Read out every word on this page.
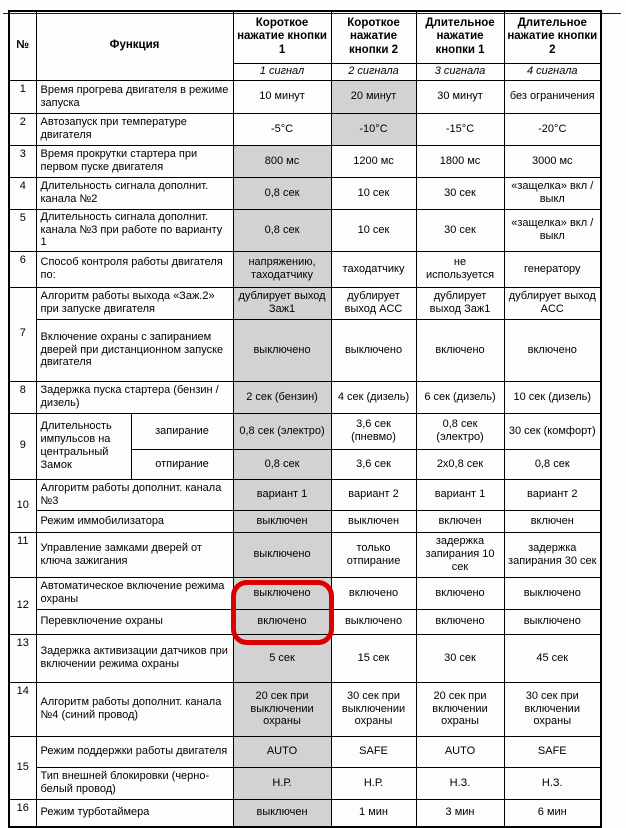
№	Функция		Короткое нажатие кнопки 1	Короткое нажатие кнопки 2	Длительное нажатие кнопки 1	Длительное нажатие кнопки 2
			1 сигнал	2 сигнала	3 сигнала	4 сигнала
1	Время прогрева двигателя в режиме запуска		10 минут	20 минут	30 минут	без ограничения
2	Автозапуск при температуре двигателя		-5°С	-10°С	-15°С	-20°С
3	Время прокрутки стартера при первом пуске двигателя		800 мс	1200 мс	1800 мс	3000 мс
4	Длительность сигнала дополнит. канала №2		0,8 сек	10 сек	30 сек	«защелка» вкл / выкл
5	Длительность сигнала дополнит. канала №3 при работе по варианту 1		0,8 сек	10 сек	30 сек	«защелка» вкл / выкл
6	Способ контроля работы двигателя по:		напряжению, таходатчику	таходатчику	не используется	генератору
7	Алгоритм работы выхода «Заж.2» при запуске двигателя		дублирует выход Заж1	дублирует выход ACC	дублирует выход Заж1	дублирует выход ACC
	Включение охраны с запиранием дверей при дистанционном запуске двигателя		выключено	выключено	включено	включено
8	Задержка пуска стартера (бензин / дизель)		2 сек (бензин)	4 сек (дизель)	6 сек (дизель)	10 сек (дизель)
9	Длительность импульсов на центральный Замок	запирание	0,8 сек (электро)	3,6 сек (пневмо)	0,8 сек (электро)	30 сек (комфорт)
		отпирание	0,8 сек	3,6 сек	2x0,8 сек	0,8 сек
10	Алгоритм работы дополнит. канала №3		вариант 1	вариант 2	вариант 1	вариант 2
	Режим иммобилизатора		выключен	выключен	включен	включен
11	Управление замками дверей от ключа зажигания		выключено	только отпирание	задержка запирания 10 сек	задержка запирания 30 сек
12	Автоматическое включение режима охраны		выключено	включено	включено	выключено
	Перевключение охраны		включено	выключено	включено	выключено
13	Задержка активизации датчиков при включении режима охраны		5 сек	15 сек	30 сек	45 сек
14	Алгоритм работы дополнит. канала №4 (синий провод)		20 сек при выключении охраны	30 сек при выключении охраны	20 сек при включении охраны	30 сек при включении охраны
15	Режим поддержки работы двигателя		AUTO	SAFE	AUTO	SAFE
	Тип внешней блокировки (черно-белый провод)		Н.Р.	Н.Р.	Н.З.	Н.З.
16	Режим турботаймера		выключен	1 мин	3 мин	6 мин
